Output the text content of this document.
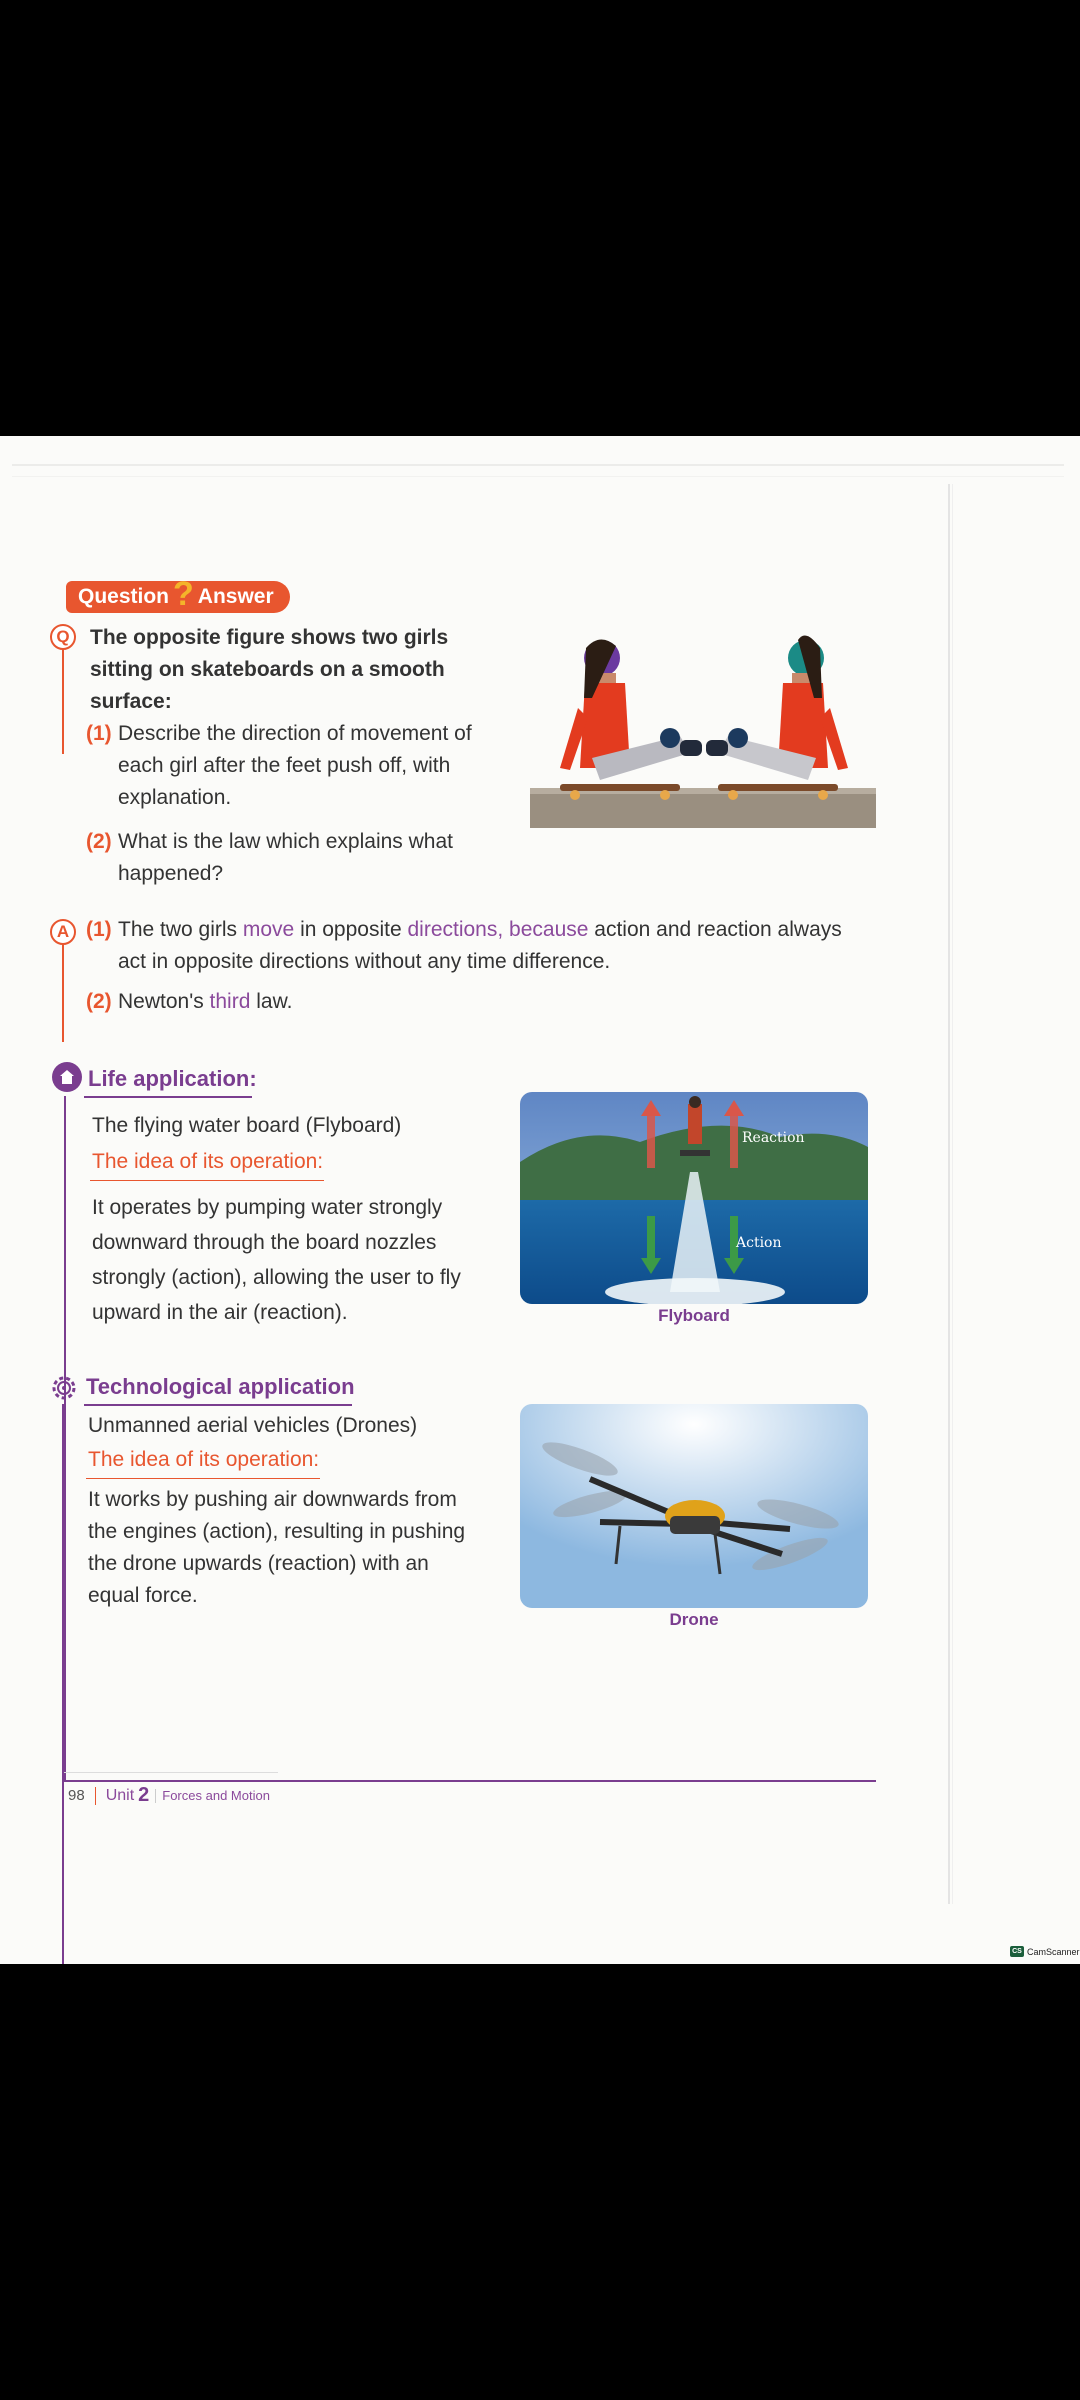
Question ? Answer
Q The opposite figure shows two girls sitting on skateboards on a smooth surface:
(1) Describe the direction of movement of each girl after the feet push off, with explanation.
(2) What is the law which explains what happened?
A (1) The two girls move in opposite directions, because action and reaction always act in opposite directions without any time difference.
(2) Newton's third law.
Life application:
The flying water board (Flyboard)
The idea of its operation:
It operates by pumping water strongly downward through the board nozzles strongly (action), allowing the user to fly upward in the air (reaction).
Reaction
Action
Flyboard
Technological application
Unmanned aerial vehicles (Drones)
The idea of its operation:
It works by pushing air downwards from the engines (action), resulting in pushing the drone upwards (reaction) with an equal force.
Drone
98 Unit 2 Forces and Motion
CS CamScanner
